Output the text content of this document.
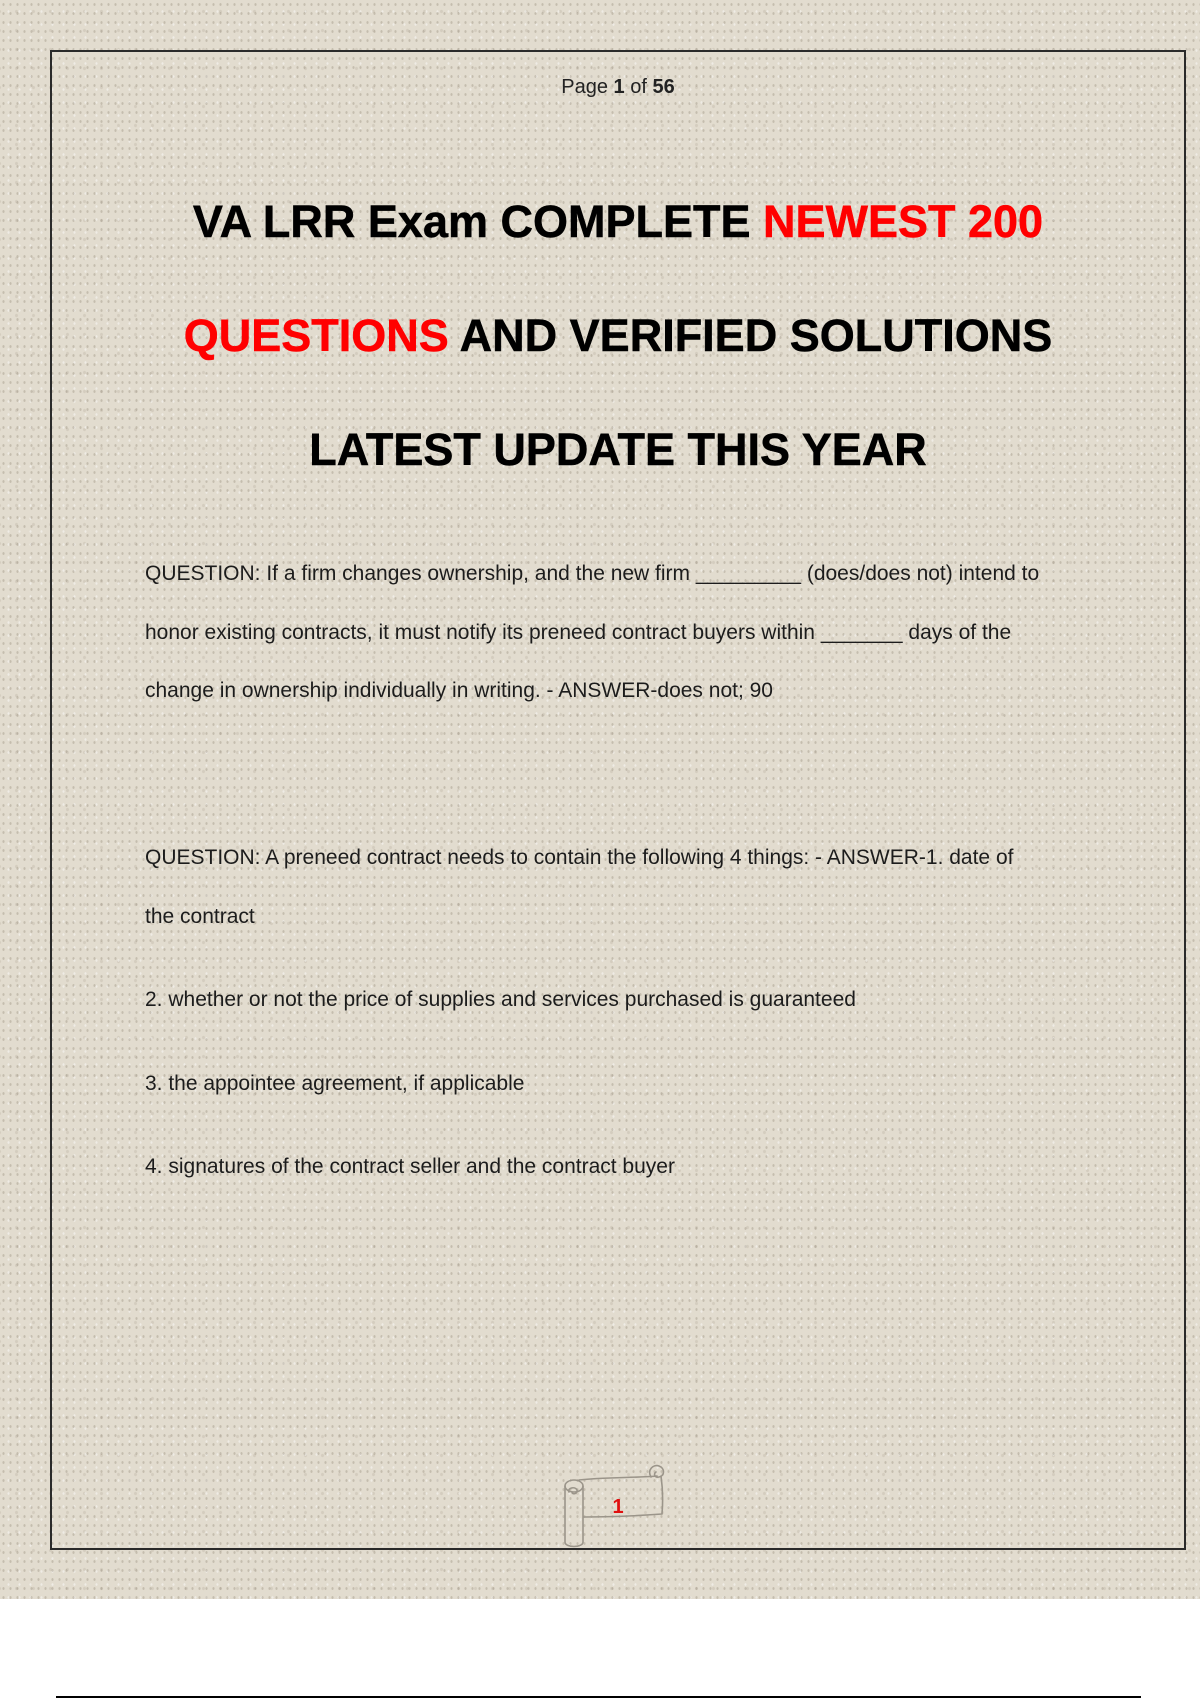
Page 1 of 56
VA LRR Exam COMPLETE NEWEST 200
QUESTIONS AND VERIFIED SOLUTIONS
LATEST UPDATE THIS YEAR
QUESTION: If a firm changes ownership, and the new firm _________ (does/does not) intend to
honor existing contracts, it must notify its preneed contract buyers within _______ days of the
change in ownership individually in writing. - ANSWER-does not; 90
QUESTION: A preneed contract needs to contain the following 4 things: - ANSWER-1. date of
the contract
2. whether or not the price of supplies and services purchased is guaranteed
3. the appointee agreement, if applicable
4. signatures of the contract seller and the contract buyer
1
